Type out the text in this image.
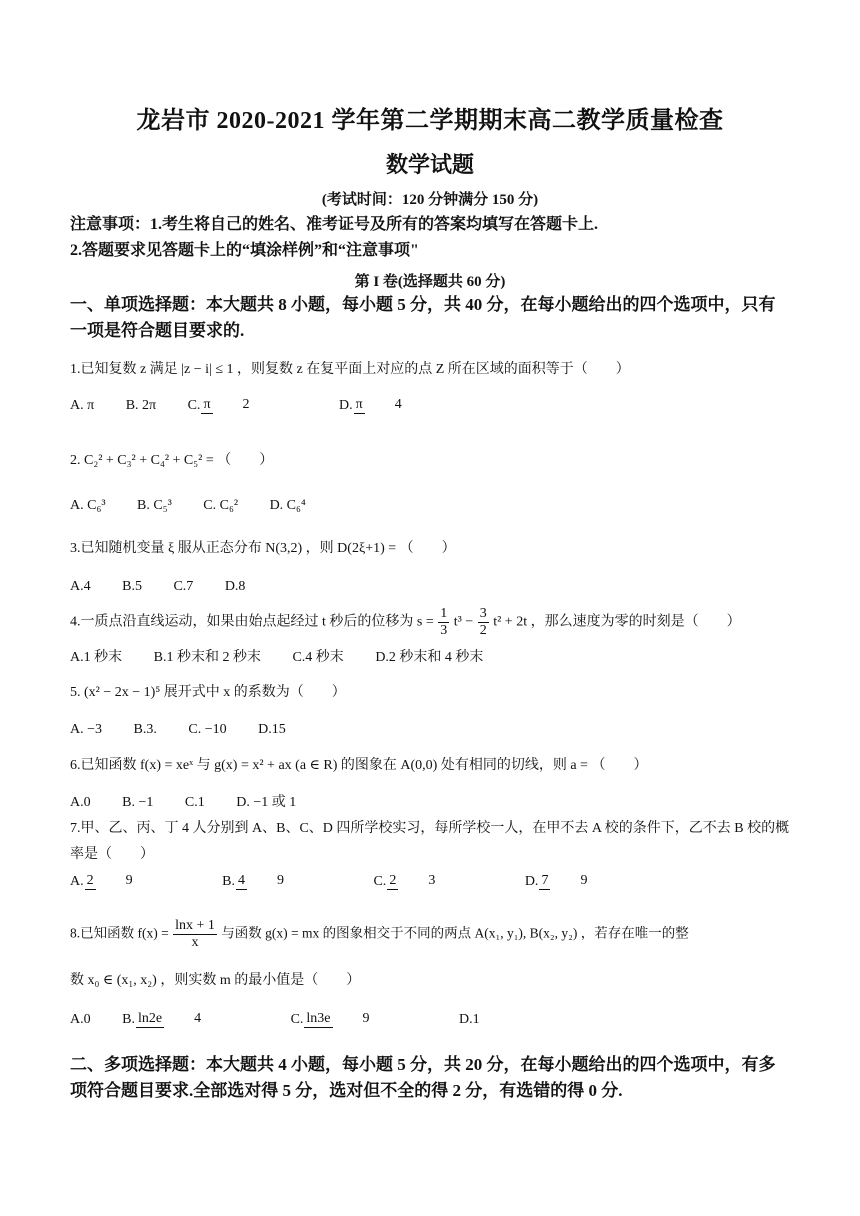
龙岩市 2020-2021 学年第二学期期末高二教学质量检查
数学试题
(考试时间：120 分钟满分 150 分)
注意事项：1.考生将自己的姓名、准考证号及所有的答案均填写在答题卡上.
2.答题要求见答题卡上的“填涂样例”和“注意事项"
第 I 卷(选择题共 60 分)
一、单项选择题：本大题共 8 小题，每小题 5 分，共 40 分，在每小题给出的四个选项中，只有
一项是符合题目要求的.
1.已知复数 z 满足 |z − i| ≤ 1 ，则复数 z 在复平面上对应的点 Z 所在区域的面积等于（　　）
A. π B. 2π C. π 2	D. π 4
2. C₂² + C₃² + C₄² + C₅² = （　　）
A. C₆³ B. C₅³ C. C₆² D. C₆⁴
3.已知随机变量 ξ 服从正态分布 N(3,2) ，则 D(2ξ+1) = （　　）
A.4 B.5 C.7 D.8
4.一质点沿直线运动，如果由始点起经过 t 秒后的位移为 $s = \frac{1}{3} t^3 - \frac{3}{2} t^2 + 2t$ ，那么速度为零的时刻是（　　）
A.1 秒末 B.1 秒末和 2 秒末 C.4 秒末 D.2 秒末和 4 秒末
5. (x² − 2x − 1)⁵ 展开式中 x 的系数为（　　）
A. −3 B.3. C. −10 D.15
6.已知函数 f(x) = xeˣ 与 g(x) = x² + ax (a ∈ R) 的图象在 A(0,0) 处有相同的切线，则 a = （　　）
A.0 B. −1 C.1 D. −1 或 1
7.甲、乙、丙、丁 4 人分别到 A、B、C、D 四所学校实习，每所学校一人，在甲不去 A 校的条件下，乙不去 B 校的概
率是（　　）
A. 2 9	B. 4 9	C. 2 3	D. 7 9
8.已知函数 $f(x) = \frac{\ln x + 1}{x}$ 与函数 g(x) = mx 的图象相交于不同的两点 A(x₁, y₁), B(x₂, y₂) ，若存在唯一的整
数 x₀ ∈ (x₁, x₂) ，则实数 m 的最小值是（　　）
A.0 B. ln2e 4	C. ln3e 9	D.1
二、多项选择题：本大题共 4 小题，每小题 5 分，共 20 分，在每小题给出的四个选项中，有多
项符合题目要求.全部选对得 5 分，选对但不全的得 2 分，有选错的得 0 分.
